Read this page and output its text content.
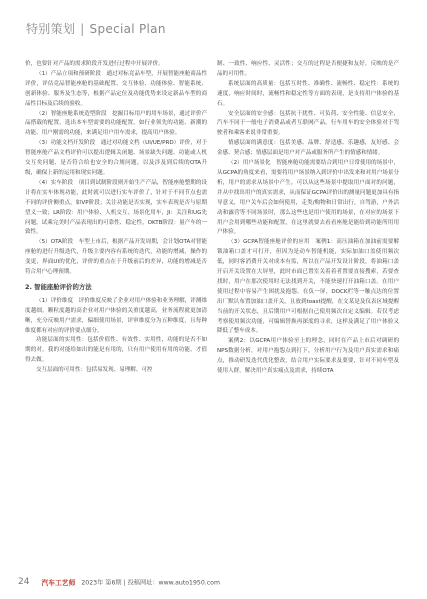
特别策划 | Special Plan

价，也要针对产品的需求阶段开发进行过程中开展评价。

（1）产品立项和预研阶段　通过对标竞品车型，开展智能座舱商品性评价，评估竞品智能座舱的基础配置、交互体验、功能体验、智能系统、创新体验、服务及生态等，根据产品定位及功能优势来设定新品车型的商品性目标及后续的验收。

（2）智能座舱系统造型阶段　挖掘目标用户的用车场景，通过评价产品搭载的配置，选出本车型需要的功能配置，如行业领先的功能、新潮的功能、用户刚需的功能，来满足用户用车需求，提高用户体验。

（3）功能文档开发阶段　通过对功能文档（UI/UE/PRD）评价，对于智能座舱产品文档评价可以提出逻辑关闭题、场景缺失问题、功能或人机交互矣问题、是否符合给也安全的合规问题，以及涉及到后续的OTA升级，确保上新的运用和现实问题。

（4）实车阶段　项目到试制阶段则开始生产产品，智能座舱整期的设计将在实车体现功能，此时就可以进行实车评价了，针对于不同节点也需不同的评价侧重点，如VP阶段；关注功能是否实现，实车表现是否与原期望义一致；LR阶段：用户体验、人机交互、场景化用车，JI：关注和UG先问题，试乘完美时产品表现出的可靠性、稳定性，OKTB阶段：量产车的一致性。

（5）OTA阶段　车型上市后，根据产品开发周期，会计划OTA对智能座舱的进行升级迭代，升级主要内容有系统的迭代，功能的增减，操作的变更，界面UI的优化，评价的重点在于升级前后的差异，功能的增减是否符合用户心理预期。

2. 智能座舱评价的方法

（1）评价维度　评价维度反映了企业对用户体验和业务理解，评测维度越细，颗粒度越的高企业对用户体验的关重度越高，业务流程就更加清晰，充分反映用户需求，偏细使用场景，评审维度分为五种维度，且每种维度都有对应的评价要点细分。

功能层面的实用性：包括价值性、有效性、实用性，功能的是否不如期的对，我的对能给如出的能是有用的，只有用户使用有用的功能，才值得去做。

交互层面的可用性：包括易发现、易理解、可控

制、一致性、响应性、灵活性；交互的过程是否便捷和友好，反映的是产品的可用性。

系统层面的高质量：包括互时性、准确性、流畅性、稳定性：系统的速度，响应时间时，流畅性和稳定性等方面的表现，是支持用户体验的基石。

安全层面的安全感：包括抗干扰性、可负荷、安全性能、信息安全，汽车不同于一般电子消费品或者互联网产品，行车用车的安全体验对于驾驶者和乘客来说非常重要。

情感层面的满意度：包括美感、品牌、舒适感、乐趣感，友好感、会金感、契合感；情感层面是用户对产品或服务所产生的情感和情绪。

（2）用户场景化　智能座舱功能需要结合到用户日常使用的场景中，从GCPA的角度来看，需要将用户场景纳入到评价中出发来和对用户场景分析，用户的需求从场景中产生，可以从这些场景中提取用户面对的问题，并从中找出用户的真实需求，从而保证GCPA评价出的测量问题更加具有指导意义，用户关车后会如何使用，走类/购物和日常出行，自驾游，户外活动和露营等不同场景时，那么这些也是用户使用的场景，在对应的场景下用户会用到哪些功能和配置，在这里就要去看看座舱是能给到功能所用用户体验。

（3）GCPA智能座舱评价的应用　案例1：高压油箱在加油前需要解锁油箱口盖才可打开，但因为是动车智能机能，实际加油口盖使用频次低，同时客消费开关对成本有监，所以在产品开发设计阶段，将油箱口盖开启开关设置在大屏里，此时市面已置室关着着者置要直接搜索，若要查找时，用户在那次使用时无法找到开关，不能快速打开油箱口盖。在用户使用过程中容易产生困扰及抱怨。在负一屏、DOCK栏等一触点达的位置出厂默认布置加油口盖开关，且放到toast提醒，在文某是及仪表区域提醒当前的开关状态，且后期用户可根据自己使用频次自定义编辑。若仅考虑考察使用频次功能，可编辑替换再深度的寻求，这样及满足了用户体验又降低了整车成本。

案例2：以GCPA用户体验至上的理念，同时在产品上市后对调研的NPS数据分析，对用户抱怨点到打下，分析用户行为及用户真实需求和痛点，推动研发迭代优化整改，结合用户实际要求及要要，针对不同车型及使用人群，解决用户真实痛点及需求，持续OTA

24 汽车工艺师 2023年 第6期 | 投稿网址：www.auto1950.com
